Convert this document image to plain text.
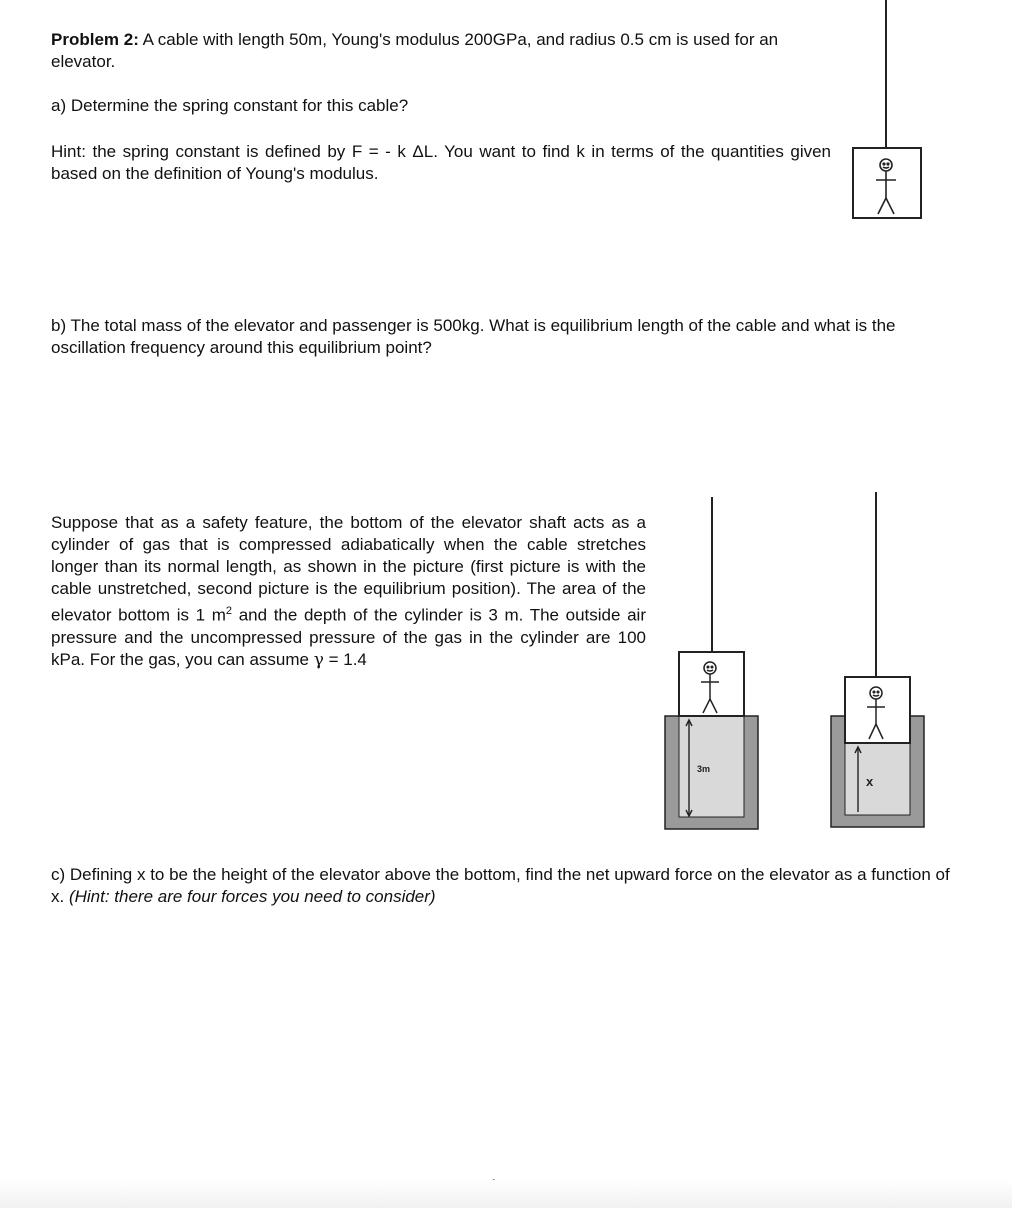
Problem 2: A cable with length 50m, Young's modulus 200GPa, and radius 0.5 cm is used for an elevator.
a) Determine the spring constant for this cable?
Hint: the spring constant is defined by F = - k ΔL. You want to find k in terms of the quantities given based on the definition of Young's modulus.
b) The total mass of the elevator and passenger is 500kg. What is equilibrium length of the cable and what is the oscillation frequency around this equilibrium point?
Suppose that as a safety feature, the bottom of the elevator shaft acts as a cylinder of gas that is compressed adiabatically when the cable stretches longer than its normal length, as shown in the picture (first picture is with the cable unstretched, second picture is the equilibrium position). The area of the elevator bottom is 1 $m^2$ and the depth of the cylinder is 3 m. The outside air pressure and the uncompressed pressure of the gas in the cylinder are 100 kPa. For the gas, you can assume γ = 1.4
3m
x
c) Defining x to be the height of the elevator above the bottom, find the net upward force on the elevator as a function of x. (Hint: there are four forces you need to consider)
